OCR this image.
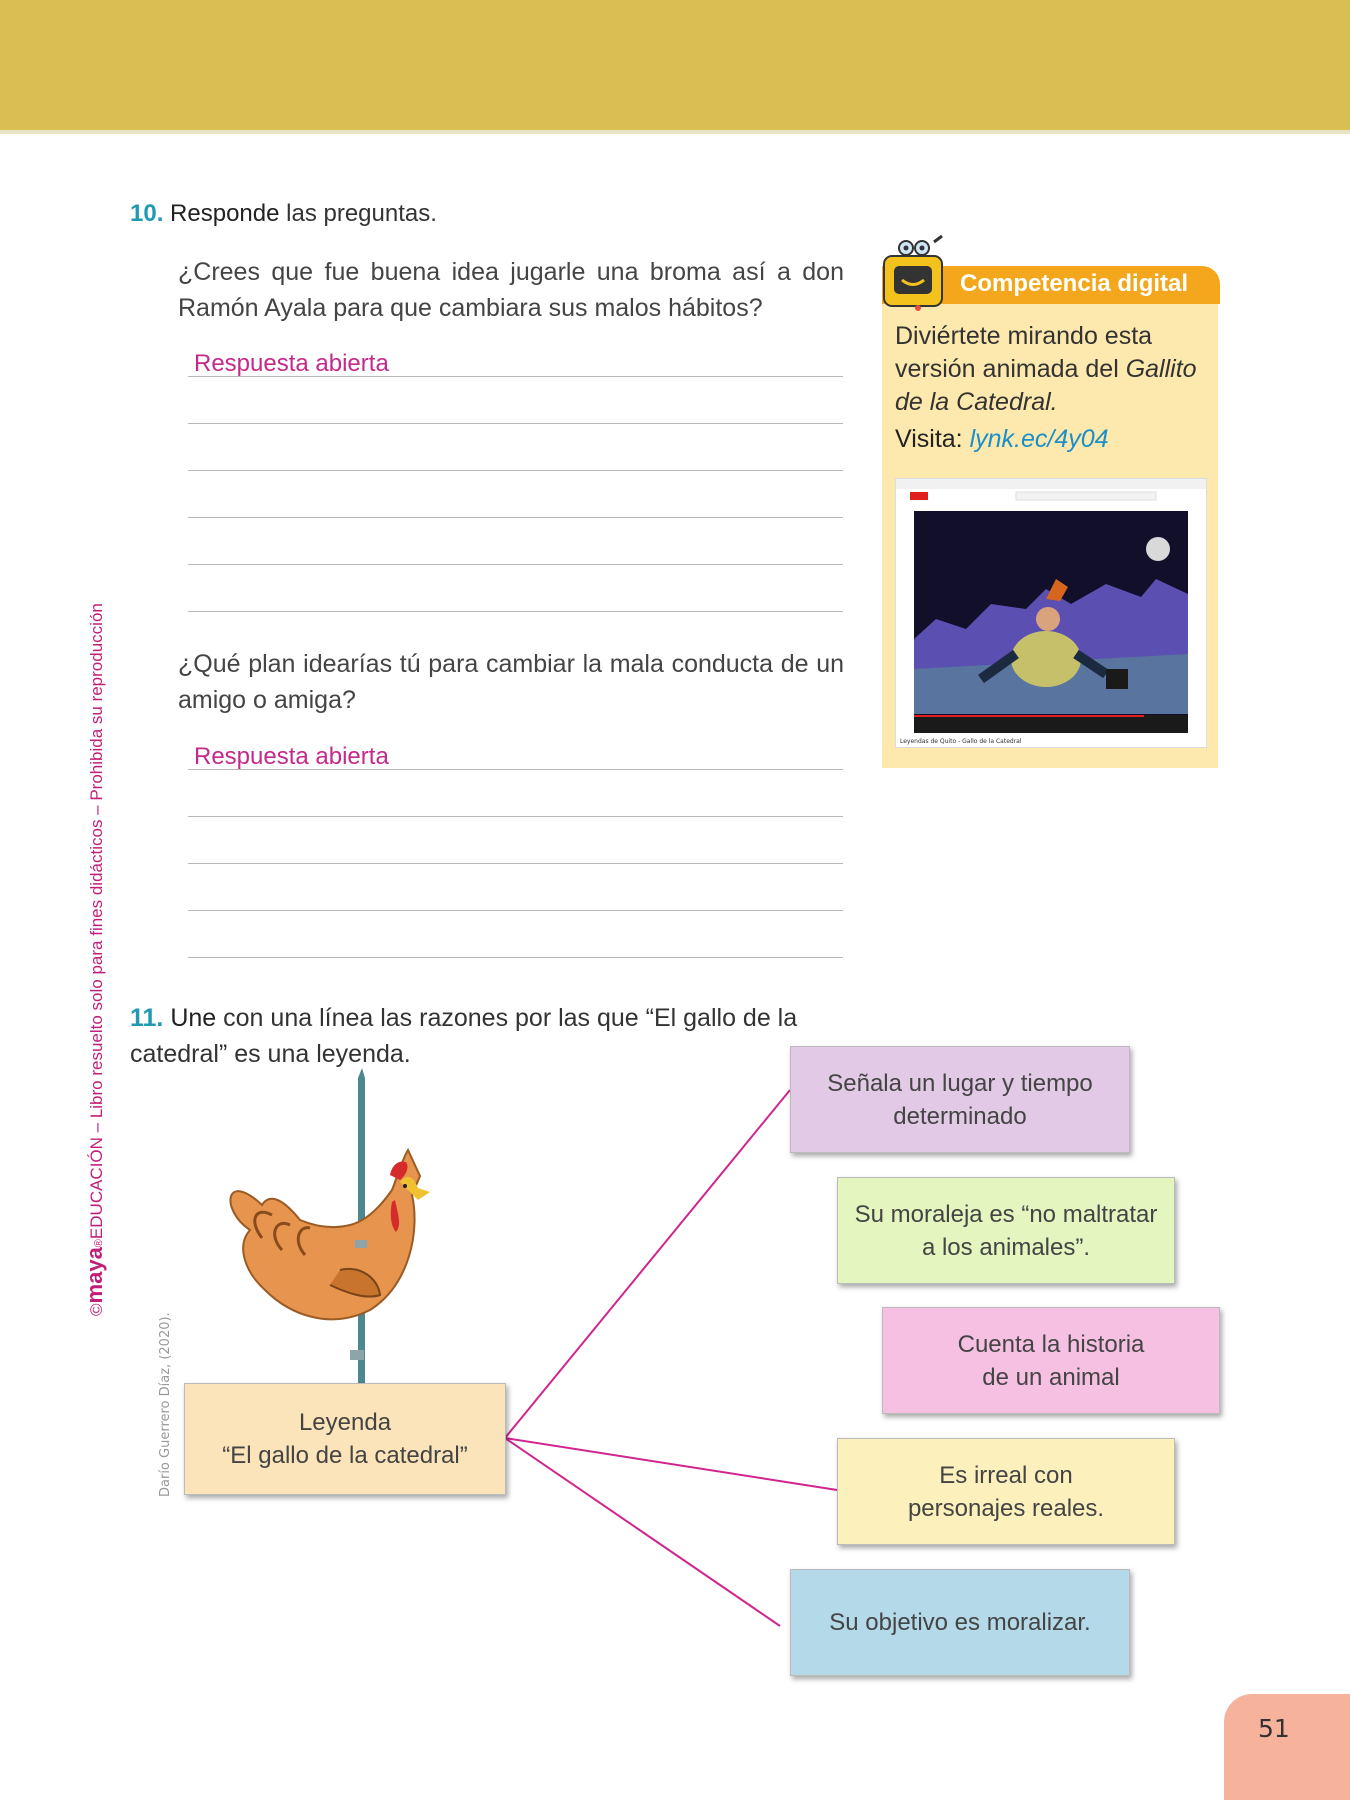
©maya®EDUCACIÓN – Libro resuelto solo para fines didácticos – Prohibida su reproducción
10. Responde las preguntas.
¿Crees que fue buena idea jugarle una broma así a don Ramón Ayala para que cambiara sus malos hábitos?
Respuesta abierta
¿Qué plan idearías tú para cambiar la mala conducta de un amigo o amiga?
Respuesta abierta
Competencia digital
Diviértete mirando esta versión animada del Gallito de la Catedral.
Visita: lynk.ec/4y04
Leyendas de Quito - Gallo de la Catedral
11. Une con una línea las razones por las que “El gallo de la catedral” es una leyenda.
Darío Guerrero Díaz, (2020).	Leyenda
“El gallo de la catedral”
Señala un lugar y tiempo
determinado
Su moraleja es “no maltratar
a los animales”.
Cuenta la historia
de un animal
Es irreal con
personajes reales.
Su objetivo es moralizar.
51
